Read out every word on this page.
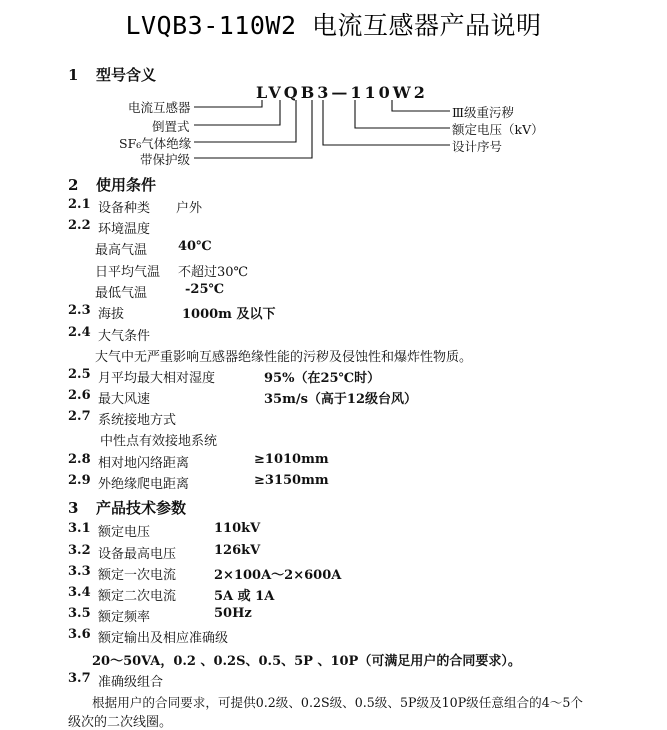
LVQB3-110W2 电流互感器产品说明
1 型号含义
LVQB3—110W2
电流互感器
倒置式
SF₆气体绝缘
带保护级
Ⅲ级重污秽
额定电压（kV）
设计序号
2 使用条件
2.1 设备种类 户外
2.2 环境温度
最高气温 40℃
日平均气温 不超过30℃
最低气温	-25℃
2.3 海拔	1000m 及以下
2.4 大气条件
大气中无严重影响互感器绝缘性能的污秽及侵蚀性和爆炸性物质。
2.5 月平均最大相对湿度	95%（在25℃时）
2.6 最大风速	35m/s（高于12级台风）
2.7 系统接地方式
中性点有效接地系统
2.8 相对地闪络距离	≥1010mm
2.9 外绝缘爬电距离	≥3150mm
3 产品技术参数
3.1 额定电压	110kV
3.2 设备最高电压	126kV
3.3 额定一次电流	2×100A～2×600A
3.4 额定二次电流	5A 或 1A
3.5 额定频率	50Hz
3.6 额定输出及相应准确级
20～50VA，0.2 、0.2S、0.5、5P 、10P（可满足用户的合同要求）。
3.7 准确级组合
根据用户的合同要求，可提供0.2级、0.2S级、0.5级、5P级及10P级任意组合的4～5个
级次的二次线圈。
